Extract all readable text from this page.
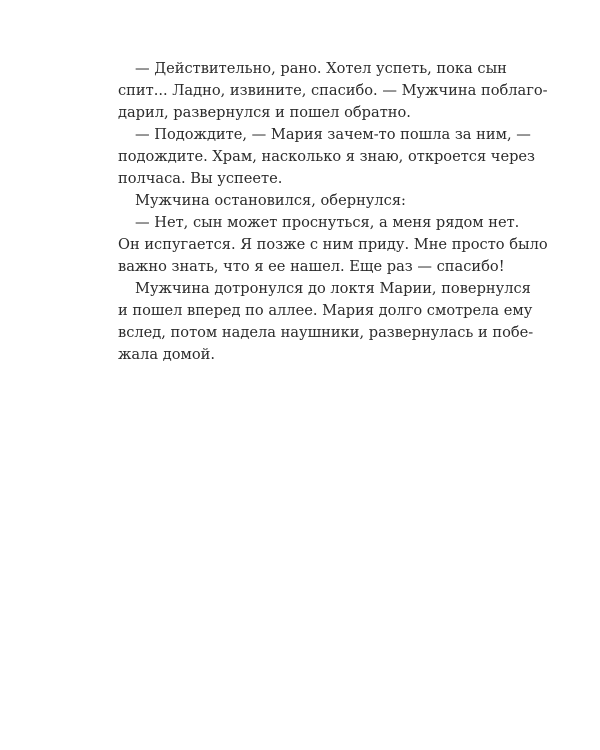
— Действительно, рано. Хотел успеть, пока сын
спит... Ладно, извините, спасибо. — Мужчина поблаго-
дарил, развернулся и пошел обратно.
— Подождите, — Мария зачем-то пошла за ним, —
подождите. Храм, насколько я знаю, откроется через
полчаса. Вы успеете.
Мужчина остановился, обернулся:
— Нет, сын может проснуться, а меня рядом нет.
Он испугается. Я позже с ним приду. Мне просто было
важно знать, что я ее нашел. Еще раз — спасибо!
Мужчина дотронулся до локтя Марии, повернулся
и пошел вперед по аллее. Мария долго смотрела ему
вслед, потом надела наушники, развернулась и побе-
жала домой.
